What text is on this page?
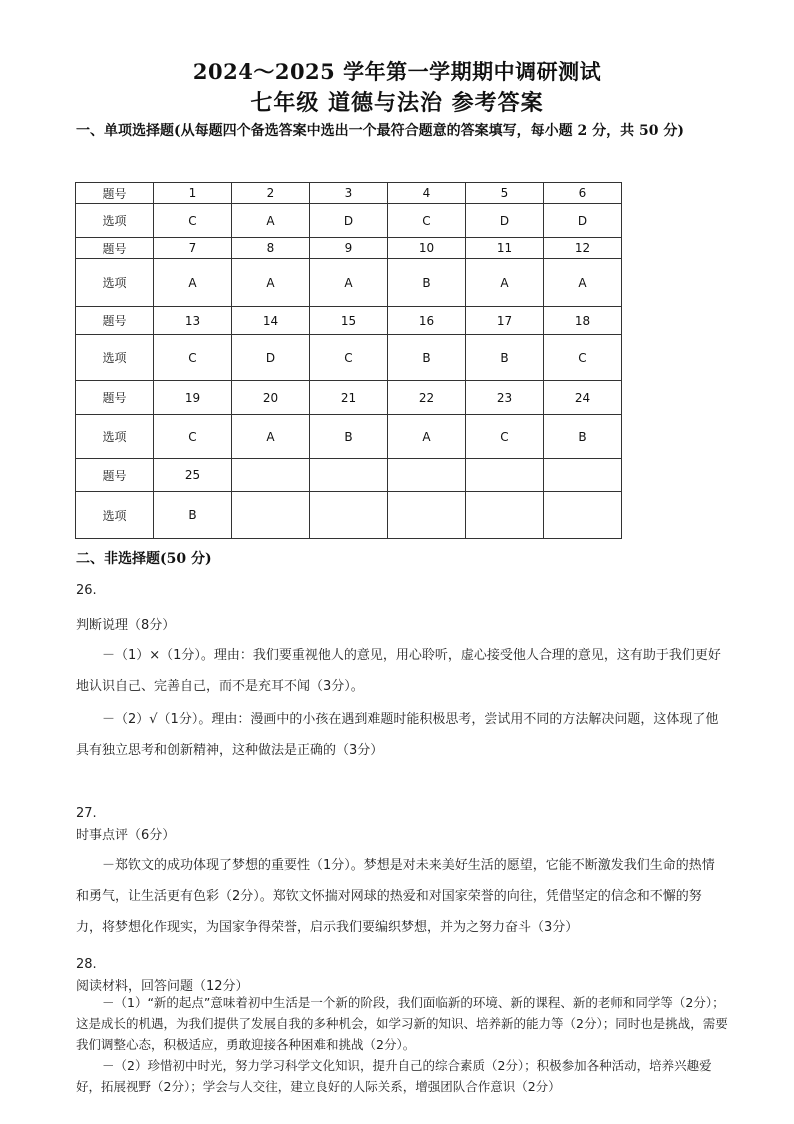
2024～2025 学年第一学期期中调研测试
七年级 道德与法治 参考答案
一、单项选择题(从每题四个备选答案中选出一个最符合题意的答案填写，每小题 2 分，共 50 分)
题号	1	2	3	4	5	6
选项	C	A	D	C	D	D
题号	7	8	9	10	11	12
选项	A	A	A	B	A	A
题号	13	14	15	16	17	18
选项	C	D	C	B	B	C
题号	19	20	21	22	23	24
选项	C	A	B	A	C	B
题号	25					
选项	B					
二、非选择题(50 分)
26.
判断说理（8分）
－（1）×（1分）。理由：我们要重视他人的意见，用心聆听，虚心接受他人合理的意见，这有助于我们更好地认识自己、完善自己，而不是充耳不闻（3分）。
－（2）√（1分）。理由：漫画中的小孩在遇到难题时能积极思考，尝试用不同的方法解决问题，这体现了他具有独立思考和创新精神，这种做法是正确的（3分）
27.
时事点评（6分）
－郑钦文的成功体现了梦想的重要性（1分）。梦想是对未来美好生活的愿望，它能不断激发我们生命的热情和勇气，让生活更有色彩（2分）。郑钦文怀揣对网球的热爱和对国家荣誉的向往，凭借坚定的信念和不懈的努力，将梦想化作现实，为国家争得荣誉，启示我们要编织梦想，并为之努力奋斗（3分）
28.
阅读材料，回答问题（12分）
－（1）“新的起点”意味着初中生活是一个新的阶段，我们面临新的环境、新的课程、新的老师和同学等（2分）；这是成长的机遇，为我们提供了发展自我的多种机会，如学习新的知识、培养新的能力等（2分）；同时也是挑战，需要我们调整心态，积极适应，勇敢迎接各种困难和挑战（2分）。
－（2）珍惜初中时光，努力学习科学文化知识，提升自己的综合素质（2分）；积极参加各种活动，培养兴趣爱好，拓展视野（2分）；学会与人交往，建立良好的人际关系，增强团队合作意识（2分）
